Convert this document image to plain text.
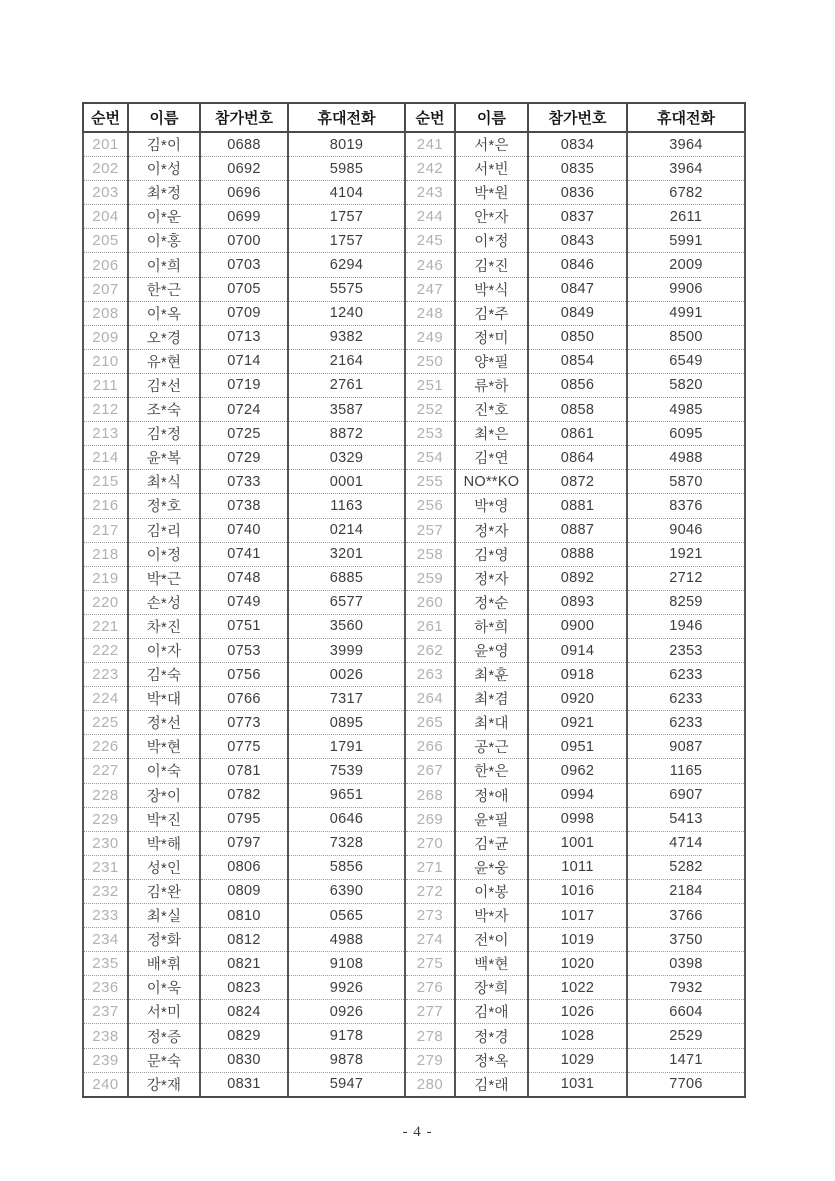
순번	이름	참가번호	휴대전화	순번	이름	참가번호	휴대전화
201	김*이	0688	8019	241	서*은	0834	3964
202	이*성	0692	5985	242	서*빈	0835	3964
203	최*정	0696	4104	243	박*원	0836	6782
204	이*운	0699	1757	244	안*자	0837	2611
205	이*홍	0700	1757	245	이*정	0843	5991
206	이*희	0703	6294	246	김*진	0846	2009
207	한*근	0705	5575	247	박*식	0847	9906
208	이*옥	0709	1240	248	김*주	0849	4991
209	오*경	0713	9382	249	정*미	0850	8500
210	유*현	0714	2164	250	양*필	0854	6549
211	김*선	0719	2761	251	류*하	0856	5820
212	조*숙	0724	3587	252	진*호	0858	4985
213	김*정	0725	8872	253	최*은	0861	6095
214	윤*복	0729	0329	254	김*연	0864	4988
215	최*식	0733	0001	255	NO**KO	0872	5870
216	정*호	0738	1163	256	박*영	0881	8376
217	김*리	0740	0214	257	정*자	0887	9046
218	이*정	0741	3201	258	김*영	0888	1921
219	박*근	0748	6885	259	정*자	0892	2712
220	손*성	0749	6577	260	정*순	0893	8259
221	차*진	0751	3560	261	하*희	0900	1946
222	이*자	0753	3999	262	윤*영	0914	2353
223	김*숙	0756	0026	263	최*훈	0918	6233
224	박*대	0766	7317	264	최*겸	0920	6233
225	정*선	0773	0895	265	최*대	0921	6233
226	박*현	0775	1791	266	공*근	0951	9087
227	이*숙	0781	7539	267	한*은	0962	1165
228	장*이	0782	9651	268	정*애	0994	6907
229	박*진	0795	0646	269	윤*필	0998	5413
230	박*해	0797	7328	270	김*균	1001	4714
231	성*인	0806	5856	271	윤*웅	1011	5282
232	김*완	0809	6390	272	이*봉	1016	2184
233	최*실	0810	0565	273	박*자	1017	3766
234	정*화	0812	4988	274	전*이	1019	3750
235	배*휘	0821	9108	275	백*현	1020	0398
236	이*욱	0823	9926	276	장*희	1022	7932
237	서*미	0824	0926	277	김*애	1026	6604
238	정*증	0829	9178	278	정*경	1028	2529
239	문*숙	0830	9878	279	정*옥	1029	1471
240	강*재	0831	5947	280	김*래	1031	7706
- 4 -
